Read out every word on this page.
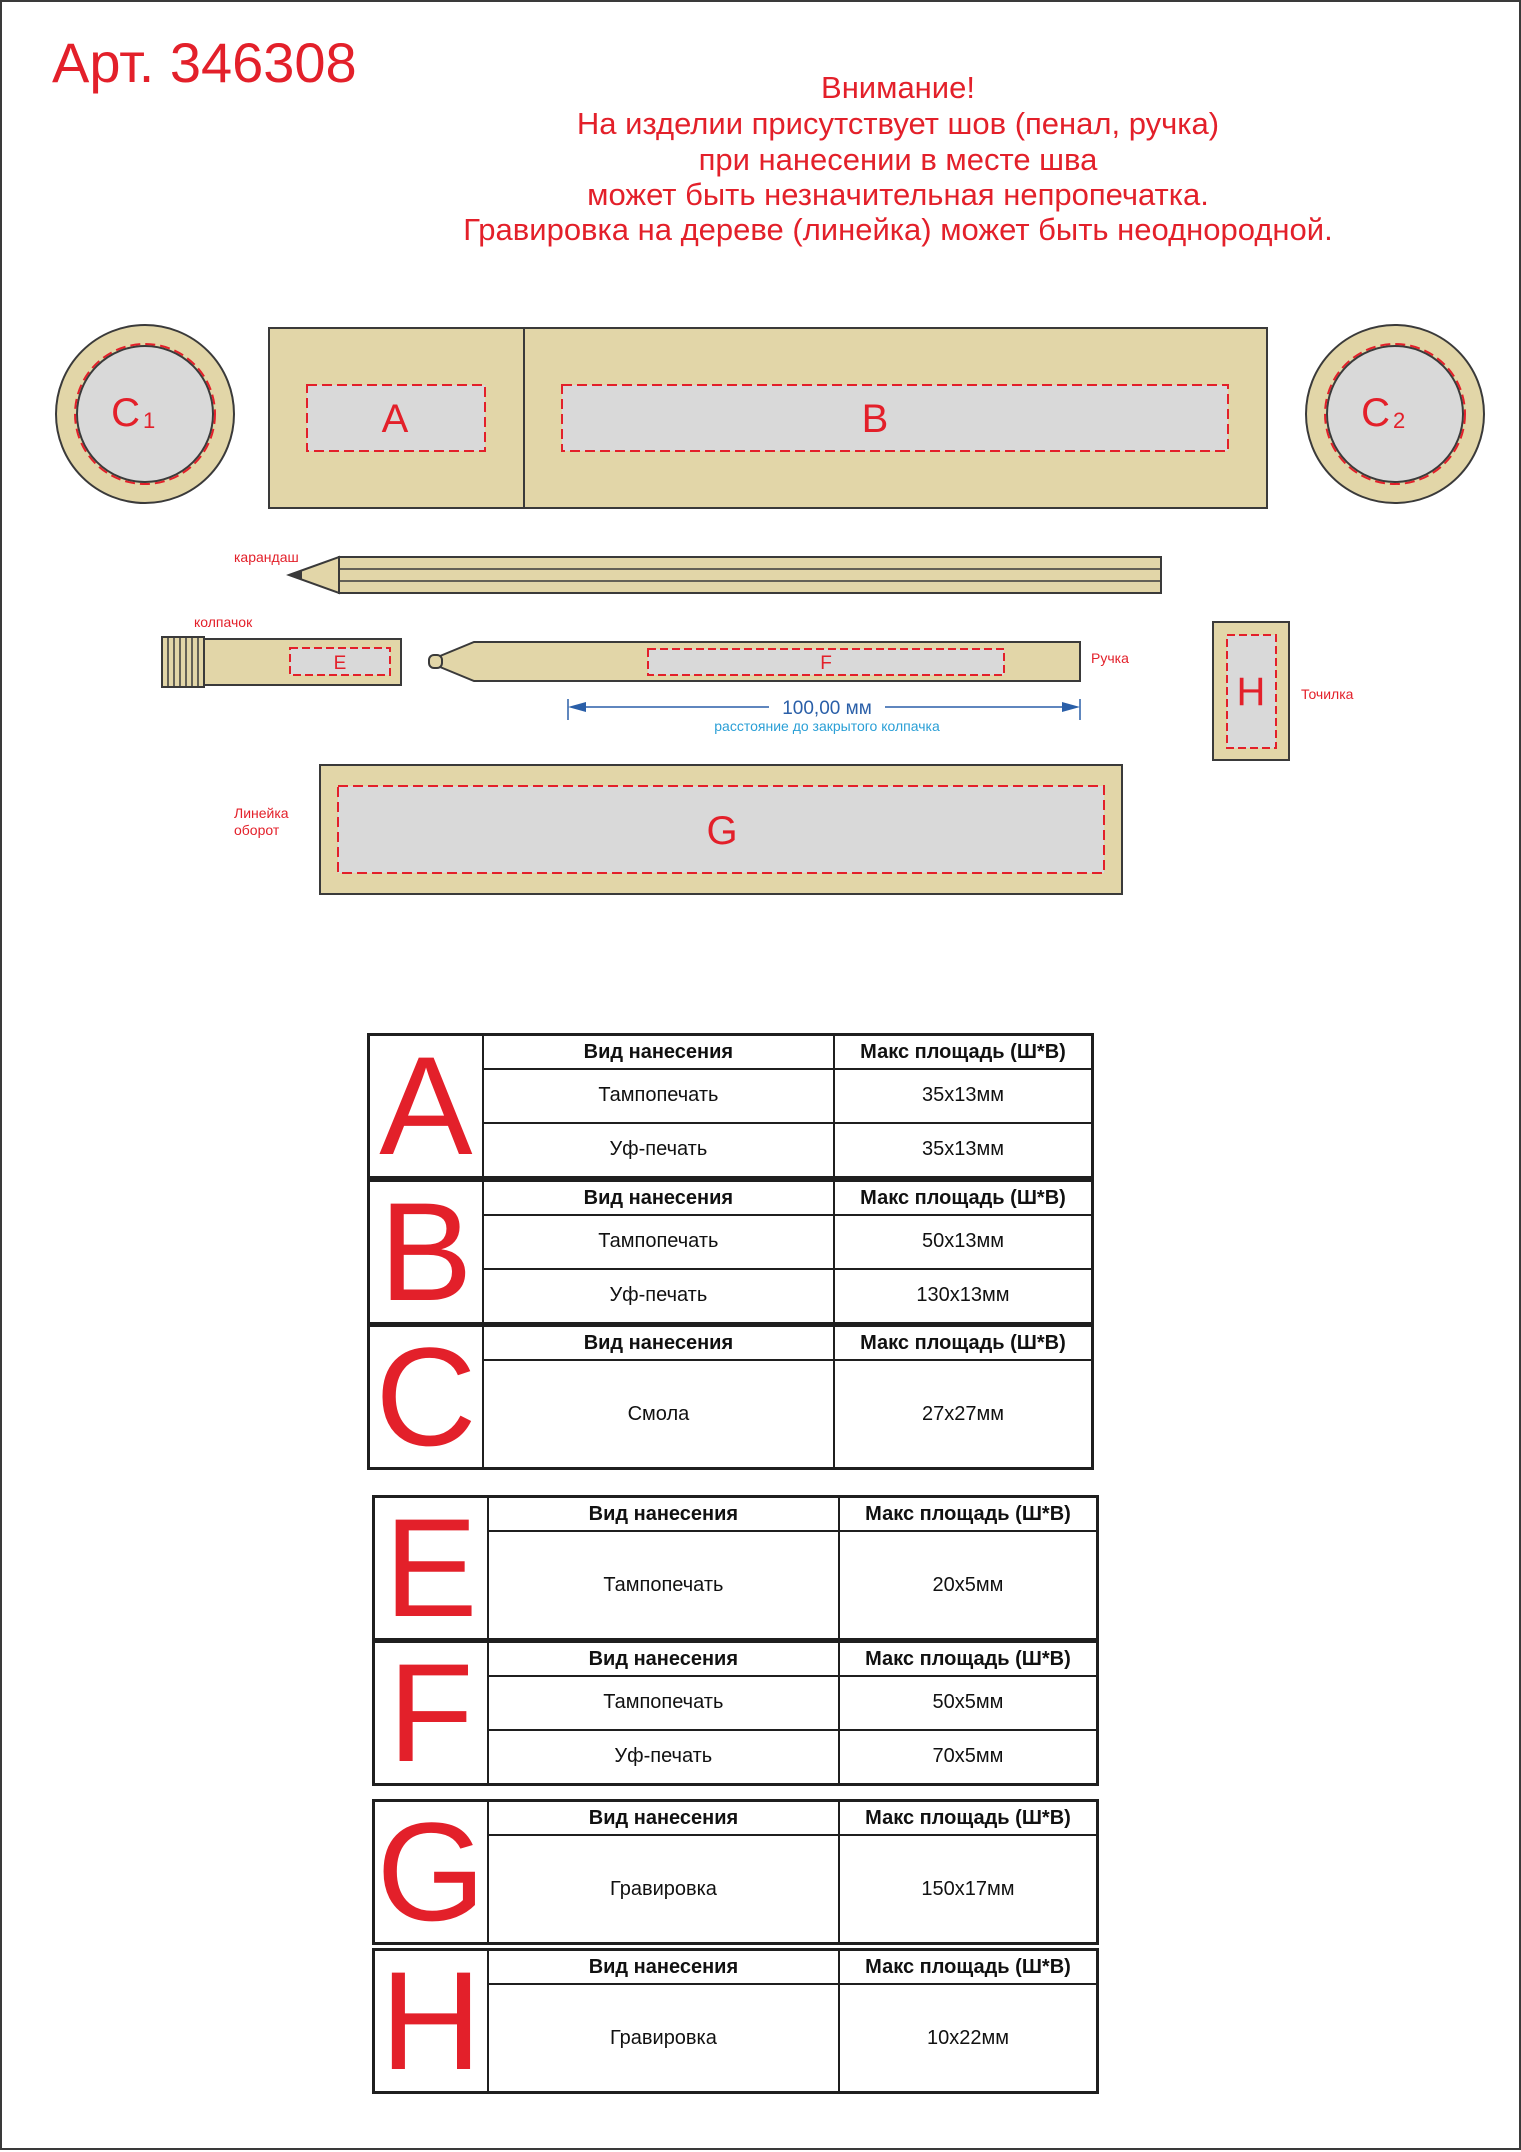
Арт. 346308	Внимание!
На изделии присутствует шов (пенал, ручка)
при нанесении в месте шва
может быть незначительная непропечатка.
Гравировка на дереве (линейка) может быть неоднородной.
C 1	A	B	C 2
карандаш
E
колпачок
F	Ручка
100,00 мм
расстояние до закрытого колпачка
H	Точилка
G
Линейка
оборот
A	Вид нанесения	Макс площадь (Ш*В)
	Тампопечать	35x13мм
	Уф-печать	35x13мм
B	Вид нанесения	Макс площадь (Ш*В)
	Тампопечать	50x13мм
	Уф-печать	130x13мм
C	Вид нанесения	Макс площадь (Ш*В)
	Смола	27x27мм
E	Вид нанесения	Макс площадь (Ш*В)
	Тампопечать	20x5мм
F	Вид нанесения	Макс площадь (Ш*В)
	Тампопечать	50x5мм
	Уф-печать	70x5мм
G	Вид нанесения	Макс площадь (Ш*В)
	Гравировка	150x17мм
H	Вид нанесения	Макс площадь (Ш*В)
	Гравировка	10x22мм
